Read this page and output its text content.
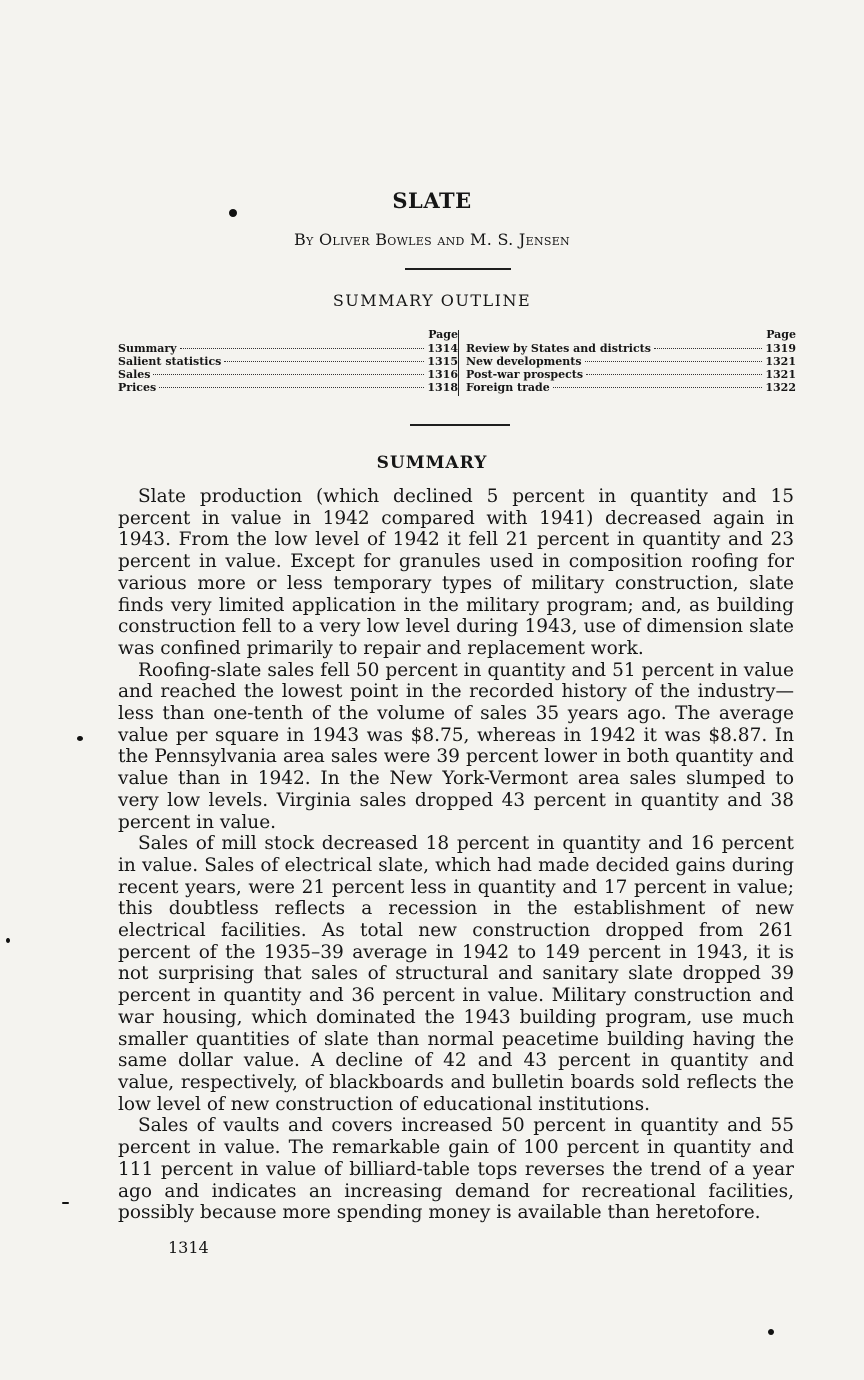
SLATE
By Oliver Bowles and M. S. Jensen
SUMMARY OUTLINE
Page
Summary	1314
Salient statistics	1315
Sales	1316
Prices	1318
Page
Review by States and districts	1319
New developments	1321
Post-war prospects	1321
Foreign trade	1322
SUMMARY

Slate production (which declined 5 percent in quantity and 15 percent in value in 1942 compared with 1941) decreased again in 1943. From the low level of 1942 it fell 21 percent in quantity and 23 percent in value. Except for granules used in composition roofing for various more or less temporary types of military construction, slate finds very limited application in the military program; and, as building construction fell to a very low level during 1943, use of dimension slate was confined primarily to repair and replacement work.

Roofing-slate sales fell 50 percent in quantity and 51 percent in value and reached the lowest point in the recorded history of the industry—less than one-tenth of the volume of sales 35 years ago. The average value per square in 1943 was $8.75, whereas in 1942 it was $8.87. In the Pennsylvania area sales were 39 percent lower in both quantity and value than in 1942. In the New York-Vermont area sales slumped to very low levels. Virginia sales dropped 43 percent in quantity and 38 percent in value.

Sales of mill stock decreased 18 percent in quantity and 16 percent in value. Sales of electrical slate, which had made decided gains during recent years, were 21 percent less in quantity and 17 percent in value; this doubtless reflects a recession in the establishment of new electrical facilities. As total new construction dropped from 261 percent of the 1935–39 average in 1942 to 149 percent in 1943, it is not surprising that sales of structural and sanitary slate dropped 39 percent in quantity and 36 percent in value. Military construction and war housing, which dominated the 1943 building program, use much smaller quantities of slate than normal peacetime building having the same dollar value. A decline of 42 and 43 percent in quantity and value, respectively, of blackboards and bulletin boards sold reflects the low level of new construction of educational institutions.

Sales of vaults and covers increased 50 percent in quantity and 55 percent in value. The remarkable gain of 100 percent in quantity and 111 percent in value of billiard-table tops reverses the trend of a year ago and indicates an increasing demand for recreational facilities, possibly because more spending money is available than heretofore.

1314
